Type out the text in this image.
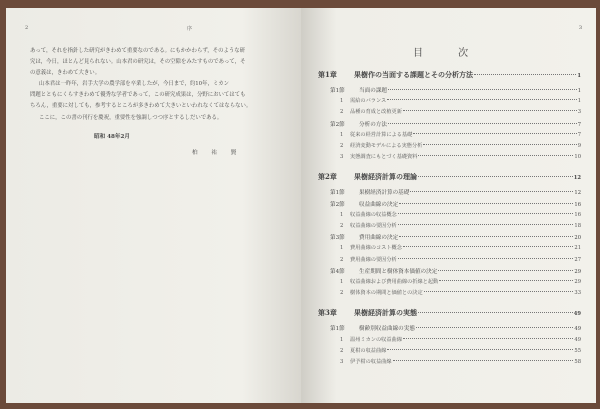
2	序

あって，それを指針した研究がきわめて重要なのである。にもかかわらず，そのような研

究は，今日，ほとんど見られない。山本君の研究は，その空隙をみたすものであって，そ

の意義は，きわめて大きい。

山本君は一昨年，岩手大学の農学部を卒業したが，今日まで，約10年，ミカン

問題とともにくらすきわめて優秀な学者であって，この研究成果は，分野においてはても

ちろん，重要に対しても，参考するところが多きわめて大きいといわれなくてはならない。

ここに，この書の刊行を慶祝，重要性を強調しつつ序とするしだいである。

昭和 48年2月
柏 祐 賢
3
目 次
第1章	果樹作の当面する課題とその分析方法	1
第1節	当面の課題	1
1	需給のバランス	1
2	品種の育成と改植更新	3
第2節	分析の方法	7
1	従来の経営計算による基礎	7
2	経済変動モデルによる実態分析	9
3	実態調査にもとづく基礎資料	10
第2章	果樹経済計算の理論	12
第1節	果樹経済計算の基礎	12
第2節	収益曲線の決定	16
1	収益曲線の収益概念	16
2	収益曲線の要因分析	18
第3節	費用曲線の決定	20
1	費用曲線のコスト概念	21
2	費用曲線の要因分析	27
第4節	生産期間と樹体資本価値の決定	29
1	収益曲線および費用曲線の折線と起動	29
2	樹体資本の期間と価値との決定	33
第3章	果樹経済計算の実態	49
第1節	樹齢別収益曲線の実態	49
1	温州ミカンの収益曲線	49
2	夏柑の収益曲線	55
3	伊予柑の収益曲線	58
